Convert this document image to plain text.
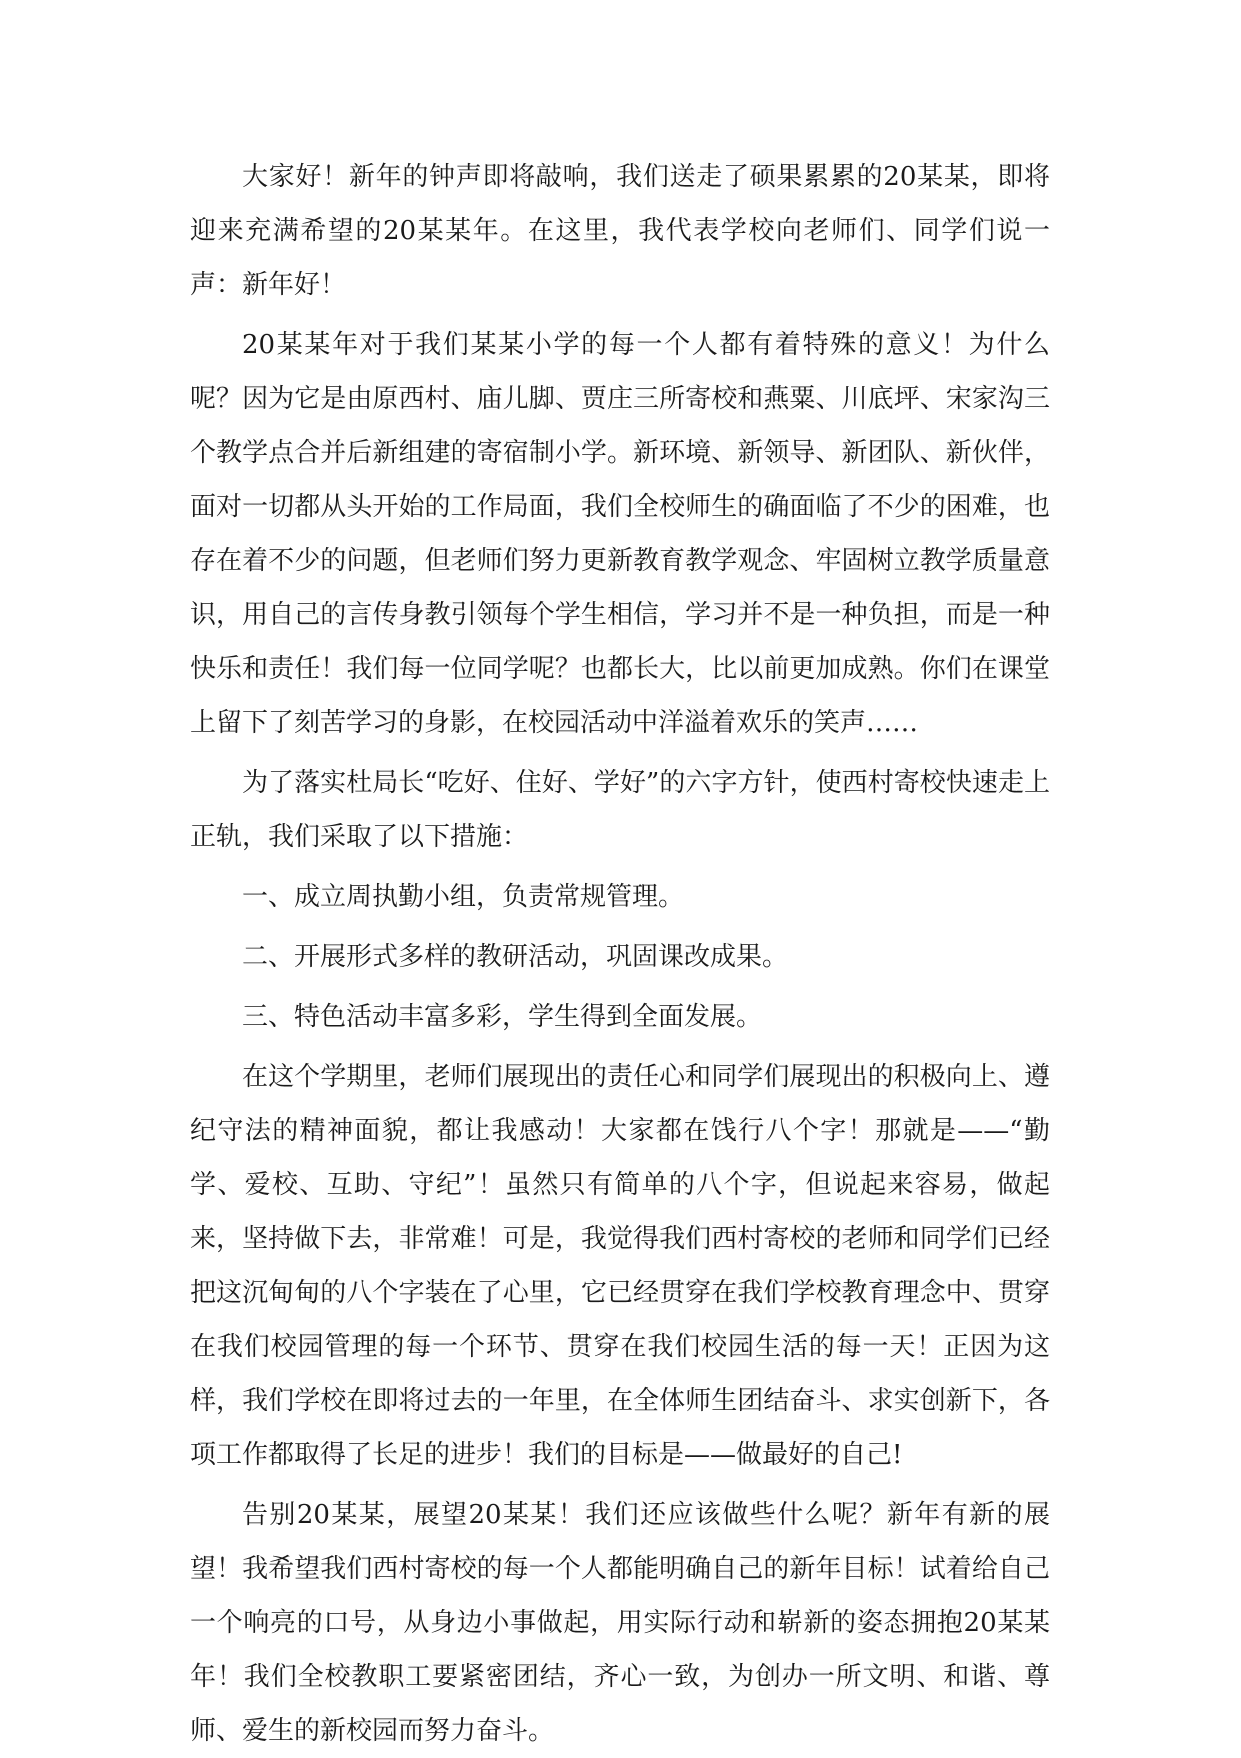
大家好！新年的钟声即将敲响，我们送走了硕果累累的20某某，即将迎来充满希望的20某某年。在这里，我代表学校向老师们、同学们说一声：新年好！

20某某年对于我们某某小学的每一个人都有着特殊的意义！为什么呢？因为它是由原西村、庙儿脚、贾庄三所寄校和燕粟、川底坪、宋家沟三个教学点合并后新组建的寄宿制小学。新环境、新领导、新团队、新伙伴，面对一切都从头开始的工作局面，我们全校师生的确面临了不少的困难，也存在着不少的问题，但老师们努力更新教育教学观念、牢固树立教学质量意识，用自己的言传身教引领每个学生相信，学习并不是一种负担，而是一种快乐和责任！我们每一位同学呢？也都长大，比以前更加成熟。你们在课堂上留下了刻苦学习的身影，在校园活动中洋溢着欢乐的笑声……

为了落实杜局长“吃好、住好、学好”的六字方针，使西村寄校快速走上正轨，我们采取了以下措施：

一、成立周执勤小组，负责常规管理。

二、开展形式多样的教研活动，巩固课改成果。

三、特色活动丰富多彩，学生得到全面发展。

在这个学期里，老师们展现出的责任心和同学们展现出的积极向上、遵纪守法的精神面貌，都让我感动！大家都在饯行八个字！那就是——“勤学、爱校、互助、守纪”！虽然只有简单的八个字，但说起来容易，做起来，坚持做下去，非常难！可是，我觉得我们西村寄校的老师和同学们已经把这沉甸甸的八个字装在了心里，它已经贯穿在我们学校教育理念中、贯穿在我们校园管理的每一个环节、贯穿在我们校园生活的每一天！正因为这样，我们学校在即将过去的一年里，在全体师生团结奋斗、求实创新下，各项工作都取得了长足的进步！我们的目标是——做最好的自己!

告别20某某，展望20某某！我们还应该做些什么呢？新年有新的展望！我希望我们西村寄校的每一个人都能明确自己的新年目标！试着给自己一个响亮的口号，从身边小事做起，用实际行动和崭新的姿态拥抱20某某年！我们全校教职工要紧密团结，齐心一致，为创办一所文明、和谐、尊师、爱生的新校园而努力奋斗。
